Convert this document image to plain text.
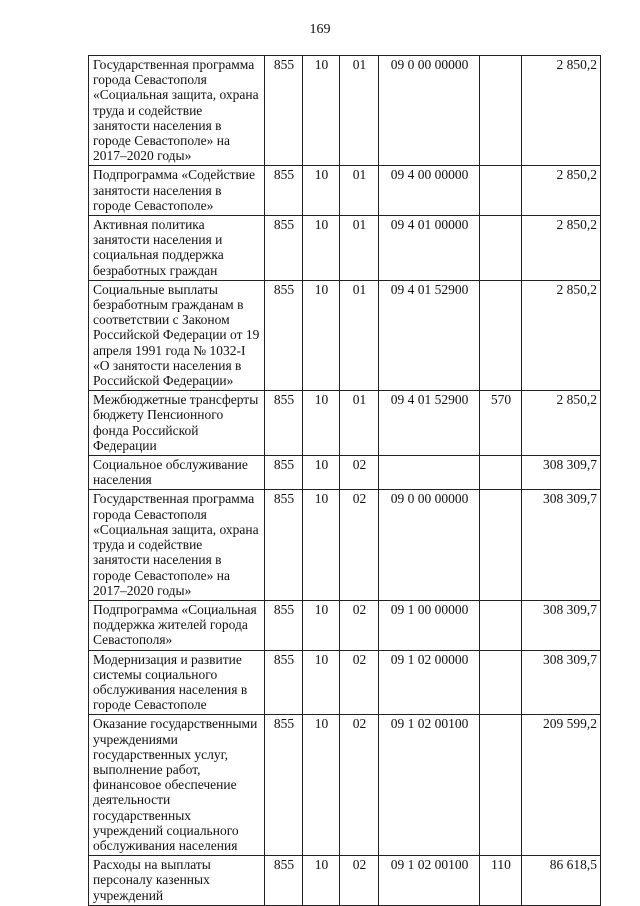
169
Государственная программа города Севастополя «Социальная защита, охрана труда и содействие занятости населения в городе Севастополе» на 2017–2020 годы»	855	10	01	09 0 00 00000		2 850,2
Подпрограмма «Содействие занятости населения в городе Севастополе»	855	10	01	09 4 00 00000		2 850,2
Активная политика занятости населения и социальная поддержка безработных граждан	855	10	01	09 4 01 00000		2 850,2
Социальные выплаты безработным гражданам в соответствии с Законом Российской Федерации от 19 апреля 1991 года № 1032-I «О занятости населения в Российской Федерации»	855	10	01	09 4 01 52900		2 850,2
Межбюджетные трансферты бюджету Пенсионного фонда Российской Федерации	855	10	01	09 4 01 52900	570	2 850,2
Социальное обслуживание населения	855	10	02			308 309,7
Государственная программа города Севастополя «Социальная защита, охрана труда и содействие занятости населения в городе Севастополе» на 2017–2020 годы»	855	10	02	09 0 00 00000		308 309,7
Подпрограмма «Социальная поддержка жителей города Севастополя»	855	10	02	09 1 00 00000		308 309,7
Модернизация и развитие системы социального обслуживания населения в городе Севастополе	855	10	02	09 1 02 00000		308 309,7
Оказание государственными учреждениями государственных услуг, выполнение работ, финансовое обеспечение деятельности государственных учреждений социального обслуживания населения	855	10	02	09 1 02 00100		209 599,2
Расходы на выплаты персоналу казенных учреждений	855	10	02	09 1 02 00100	110	86 618,5
